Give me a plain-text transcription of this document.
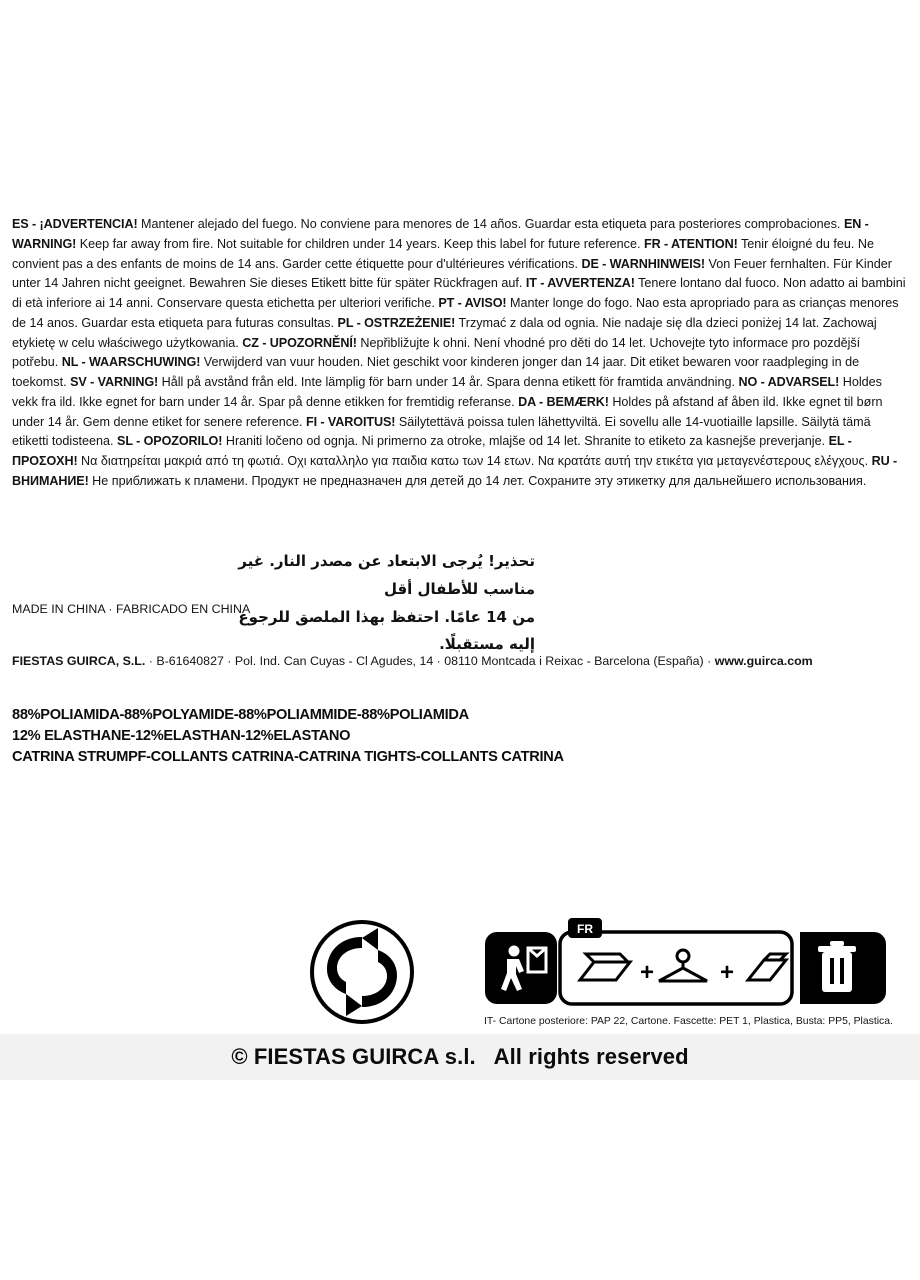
ES - ¡ADVERTENCIA! Mantener alejado del fuego. No conviene para menores de 14 años. Guardar esta etiqueta para posteriores comprobaciones. EN - WARNING! Keep far away from fire. Not suitable for children under 14 years. Keep this label for future reference. FR - ATENTION! Tenir éloigné du feu. Ne convient pas a des enfants de moins de 14 ans. Garder cette étiquette pour d'ultérieures vérifications. DE - WARNHINWEIS! Von Feuer fernhalten. Für Kinder unter 14 Jahren nicht geeignet. Bewahren Sie dieses Etikett bitte für später Rückfragen auf. IT - AVVERTENZA! Tenere lontano dal fuoco. Non adatto ai bambini di età inferiore ai 14 anni. Conservare questa etichetta per ulteriori verifiche. PT - AVISO! Manter longe do fogo. Nao esta apropriado para as crianças menores de 14 anos. Guardar esta etiqueta para futuras consultas. PL - OSTRZEŻENIE! Trzymać z dala od ognia. Nie nadaje się dla dzieci poniżej 14 lat. Zachowaj etykietę w celu właściwego użytkowania. CZ - UPOZORNĚNÍ! Nepřibližujte k ohni. Není vhodné pro děti do 14 let. Uchovejte tyto informace pro pozdější potřebu. NL - WAARSCHUWING! Verwijderd van vuur houden. Niet geschikt voor kinderen jonger dan 14 jaar. Dit etiket bewaren voor raadpleging in de toekomst. SV - VARNING! Håll på avstånd från eld. Inte lämplig för barn under 14 år. Spara denna etikett för framtida användning. NO - ADVARSEL! Holdes vekk fra ild. Ikke egnet for barn under 14 år. Spar på denne etikken for fremtidig referanse. DA - BEMÆRK! Holdes på afstand af åben ild. Ikke egnet til børn under 14 år. Gem denne etiket for senere reference. FI - VAROITUS! Säilytettävä poissa tulen lähettyviltä. Ei sovellu alle 14-vuotiaille lapsille. Säilytä tämä etiketti todisteena. SL - OPOZORILO! Hraniti ločeno od ognja. Ni primerno za otroke, mlajše od 14 let. Shranite to etiketo za kasnejše preverjanje. EL - ΠΡΟΣΟΧΗ! Να διατηρείται μακριά από τη φωτιά. Οχι καταλληλο για παιδια κατω των 14 ετων. Να κρατάτε αυτή την ετικέτα για μεταγενέστερους ελέγχους. RU - ВНИМАНИЕ! Не приближать к пламени. Продукт не предназначен для детей до 14 лет. Сохраните эту этикетку для дальнейшего использования.
تحذير! يُرجى الابتعاد عن مصدر النار. غير مناسب للأطفال أقل
من 14 عامًا. احتفظ بهذا الملصق للرجوع إليه مستقبلًا.
MADE IN CHINA · FABRICADO EN CHINA
FIESTAS GUIRCA, S.L. · B-61640827 · Pol. Ind. Can Cuyas - Cl Agudes, 14 · 08110 Montcada i Reixac - Barcelona (España) · www.guirca.com
88%POLIAMIDA-88%POLYAMIDE-88%POLIAMMIDE-88%POLIAMIDA
12% ELASTHANE-12%ELASTHAN-12%ELASTANO
CATRINA STRUMPF-COLLANTS CATRINA-CATRINA TIGHTS-COLLANTS CATRINA
FR
+	+
IT- Cartone posteriore: PAP 22, Cartone. Fascette: PET 1, Plastica, Busta: PP5, Plastica.
© FIESTAS GUIRCA s.l. All rights reserved
